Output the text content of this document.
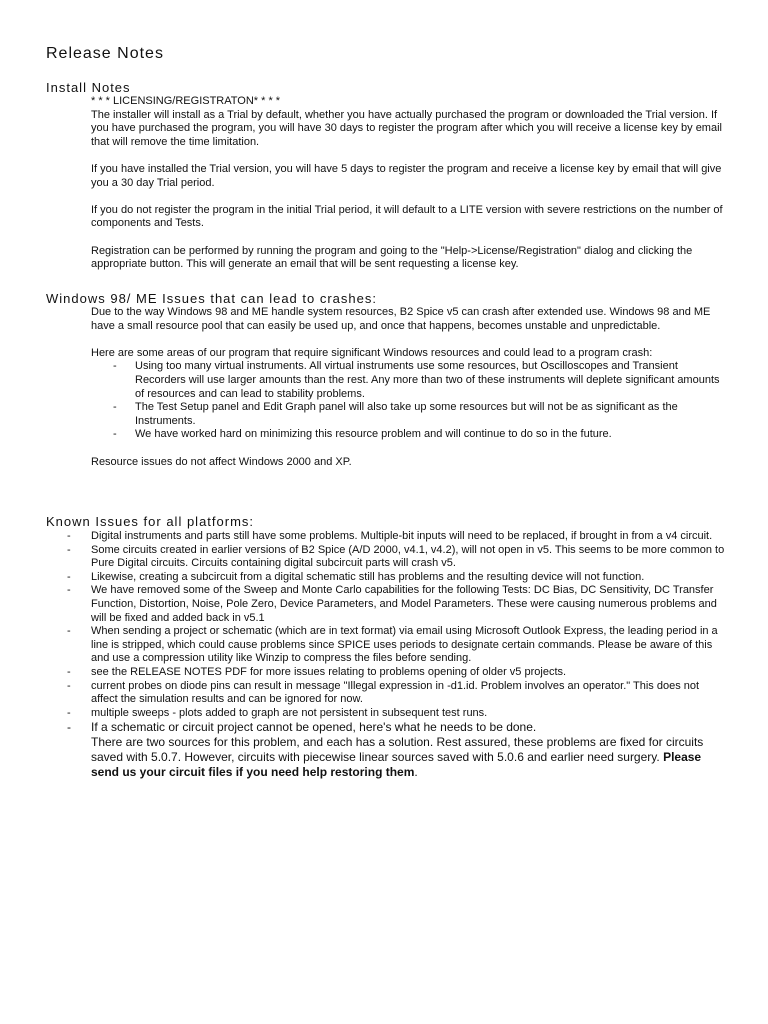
Release Notes
Install Notes

* * * LICENSING/REGISTRATON* * * *

The installer will install as a Trial by default, whether you have actually purchased the program or downloaded the Trial version. If you have purchased the program, you will have 30 days to register the program after which you will receive a license key by email that will remove the time limitation.

If you have installed the Trial version, you will have 5 days to register the program and receive a license key by email that will give you a 30 day Trial period.

If you do not register the program in the initial Trial period, it will default to a LITE version with severe restrictions on the number of components and Tests.

Registration can be performed by running the program and going to the "Help->License/Registration" dialog and clicking the appropriate button. This will generate an email that will be sent requesting a license key.

Windows 98/ ME Issues that can lead to crashes:

Due to the way Windows 98 and ME handle system resources, B2 Spice v5 can crash after extended use. Windows 98 and ME have a small resource pool that can easily be used up, and once that happens, becomes unstable and unpredictable.

Here are some areas of our program that require significant Windows resources and could lead to a program crash:

- Using too many virtual instruments. All virtual instruments use some resources, but Oscilloscopes and Transient Recorders will use larger amounts than the rest. Any more than two of these instruments will deplete significant amounts of resources and can lead to stability problems.
- The Test Setup panel and Edit Graph panel will also take up some resources but will not be as significant as the Instruments.
- We have worked hard on minimizing this resource problem and will continue to do so in the future.

Resource issues do not affect Windows 2000 and XP.

Known Issues for all platforms:
- Digital instruments and parts still have some problems. Multiple-bit inputs will need to be replaced, if brought in from a v4 circuit.
- Some circuits created in earlier versions of B2 Spice (A/D 2000, v4.1, v4.2), will not open in v5. This seems to be more common to Pure Digital circuits. Circuits containing digital subcircuit parts will crash v5.
- Likewise, creating a subcircuit from a digital schematic still has problems and the resulting device will not function.
- We have removed some of the Sweep and Monte Carlo capabilities for the following Tests: DC Bias, DC Sensitivity, DC Transfer Function, Distortion, Noise, Pole Zero, Device Parameters, and Model Parameters. These were causing numerous problems and will be fixed and added back in v5.1
- When sending a project or schematic (which are in text format) via email using Microsoft Outlook Express, the leading period in a line is stripped, which could cause problems since SPICE uses periods to designate certain commands. Please be aware of this and use a compression utility like Winzip to compress the files before sending.
- see the RELEASE NOTES PDF for more issues relating to problems opening of older v5 projects.
- current probes on diode pins can result in message "Illegal expression in -d1.id. Problem involves an operator." This does not affect the simulation results and can be ignored for now.
- multiple sweeps - plots added to graph are not persistent in subsequent test runs.
- If a schematic or circuit project cannot be opened, here's what he needs to be done.
There are two sources for this problem, and each has a solution. Rest assured, these problems are fixed for circuits saved with 5.0.7. However, circuits with piecewise linear sources saved with 5.0.6 and earlier need surgery. Please send us your circuit files if you need help restoring them.
